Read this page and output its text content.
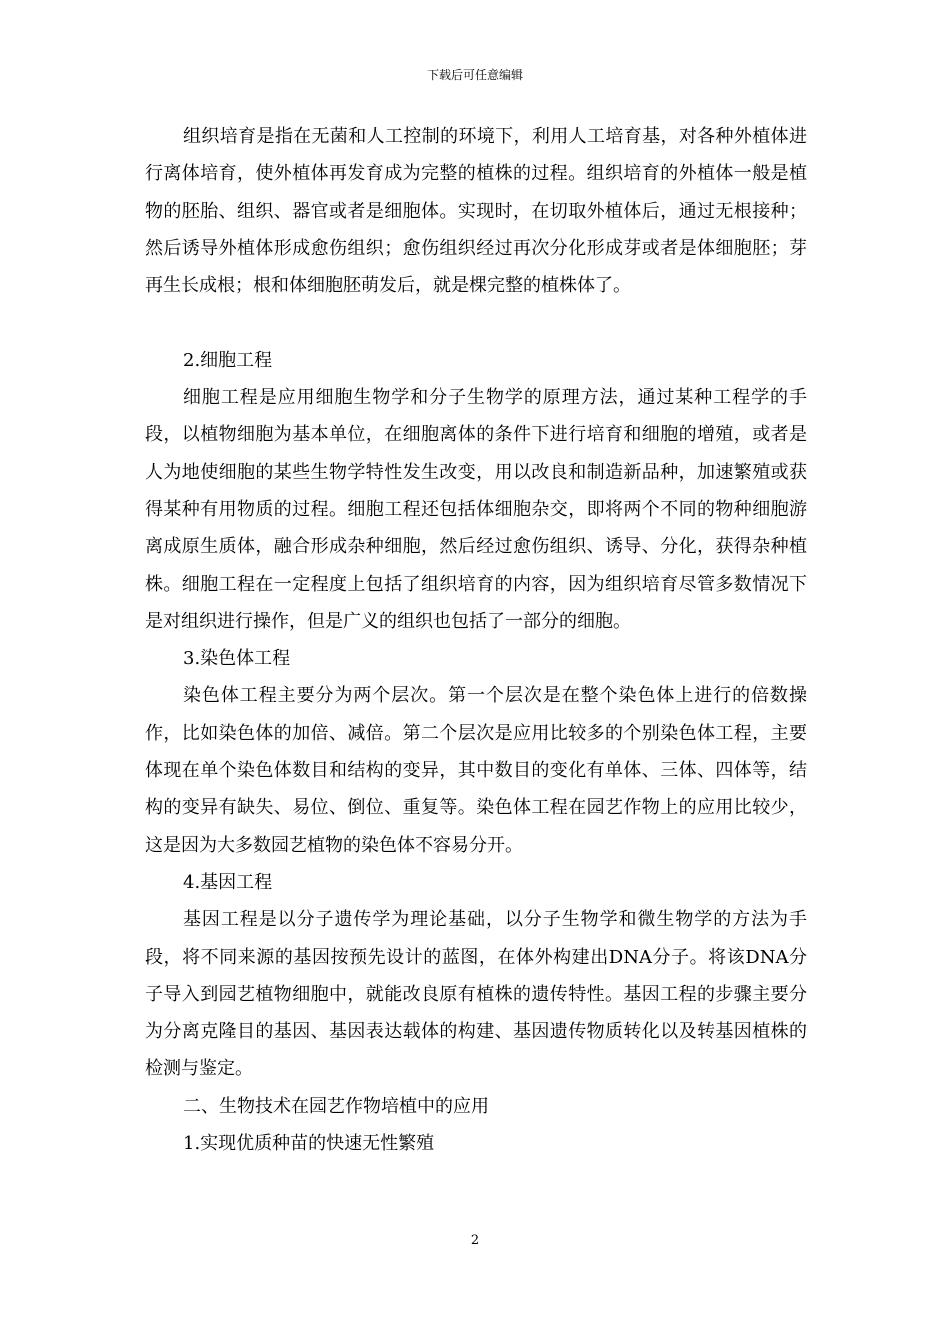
下载后可任意编辑

组织培育是指在无菌和人工控制的环境下，利用人工培育基，对各种外植体进行离体培育，使外植体再发育成为完整的植株的过程。组织培育的外植体一般是植物的胚胎、组织、器官或者是细胞体。实现时，在切取外植体后，通过无根接种；然后诱导外植体形成愈伤组织；愈伤组织经过再次分化形成芽或者是体细胞胚；芽再生长成根；根和体细胞胚萌发后，就是棵完整的植株体了。

2.细胞工程

细胞工程是应用细胞生物学和分子生物学的原理方法，通过某种工程学的手段，以植物细胞为基本单位，在细胞离体的条件下进行培育和细胞的增殖，或者是人为地使细胞的某些生物学特性发生改变，用以改良和制造新品种，加速繁殖或获得某种有用物质的过程。细胞工程还包括体细胞杂交，即将两个不同的物种细胞游离成原生质体，融合形成杂种细胞，然后经过愈伤组织、诱导、分化，获得杂种植株。细胞工程在一定程度上包括了组织培育的内容，因为组织培育尽管多数情况下是对组织进行操作，但是广义的组织也包括了一部分的细胞。

3.染色体工程

染色体工程主要分为两个层次。第一个层次是在整个染色体上进行的倍数操作，比如染色体的加倍、减倍。第二个层次是应用比较多的个别染色体工程，主要体现在单个染色体数目和结构的变异，其中数目的变化有单体、三体、四体等，结构的变异有缺失、易位、倒位、重复等。染色体工程在园艺作物上的应用比较少，这是因为大多数园艺植物的染色体不容易分开。

4.基因工程

基因工程是以分子遗传学为理论基础，以分子生物学和微生物学的方法为手段，将不同来源的基因按预先设计的蓝图，在体外构建出DNA分子。将该DNA分子导入到园艺植物细胞中，就能改良原有植株的遗传特性。基因工程的步骤主要分为分离克隆目的基因、基因表达载体的构建、基因遗传物质转化以及转基因植株的检测与鉴定。

二、生物技术在园艺作物培植中的应用

1.实现优质种苗的快速无性繁殖

2
